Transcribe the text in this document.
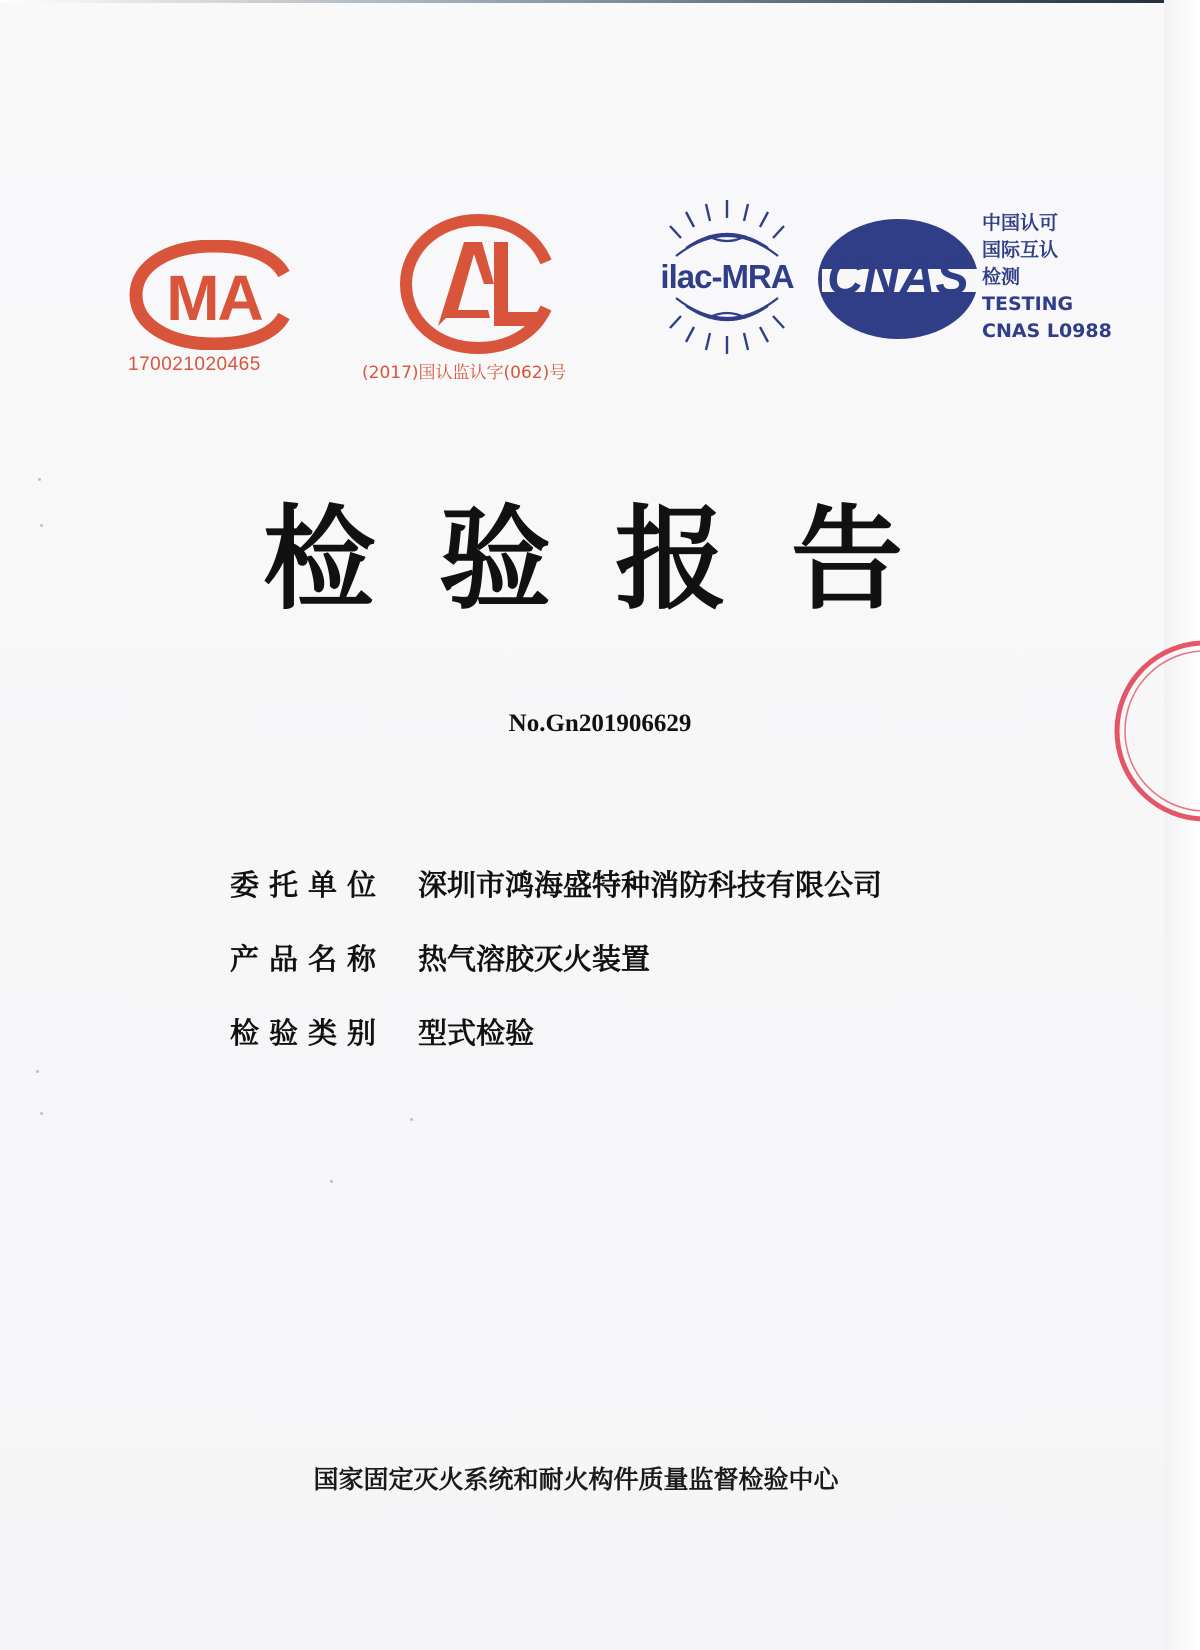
MA
170021020465	(2017)国认监认字(062)号
ilac-MRA CNAS
中国认可
国际互认
检测
TESTING
CNAS L0988
检验报告
No.Gn201906629
委托单位	深圳市鸿海盛特种消防科技有限公司
产品名称	热气溶胶灭火装置
检验类别	型式检验
国家固定灭火系统和耐火构件质量监督检验中心
